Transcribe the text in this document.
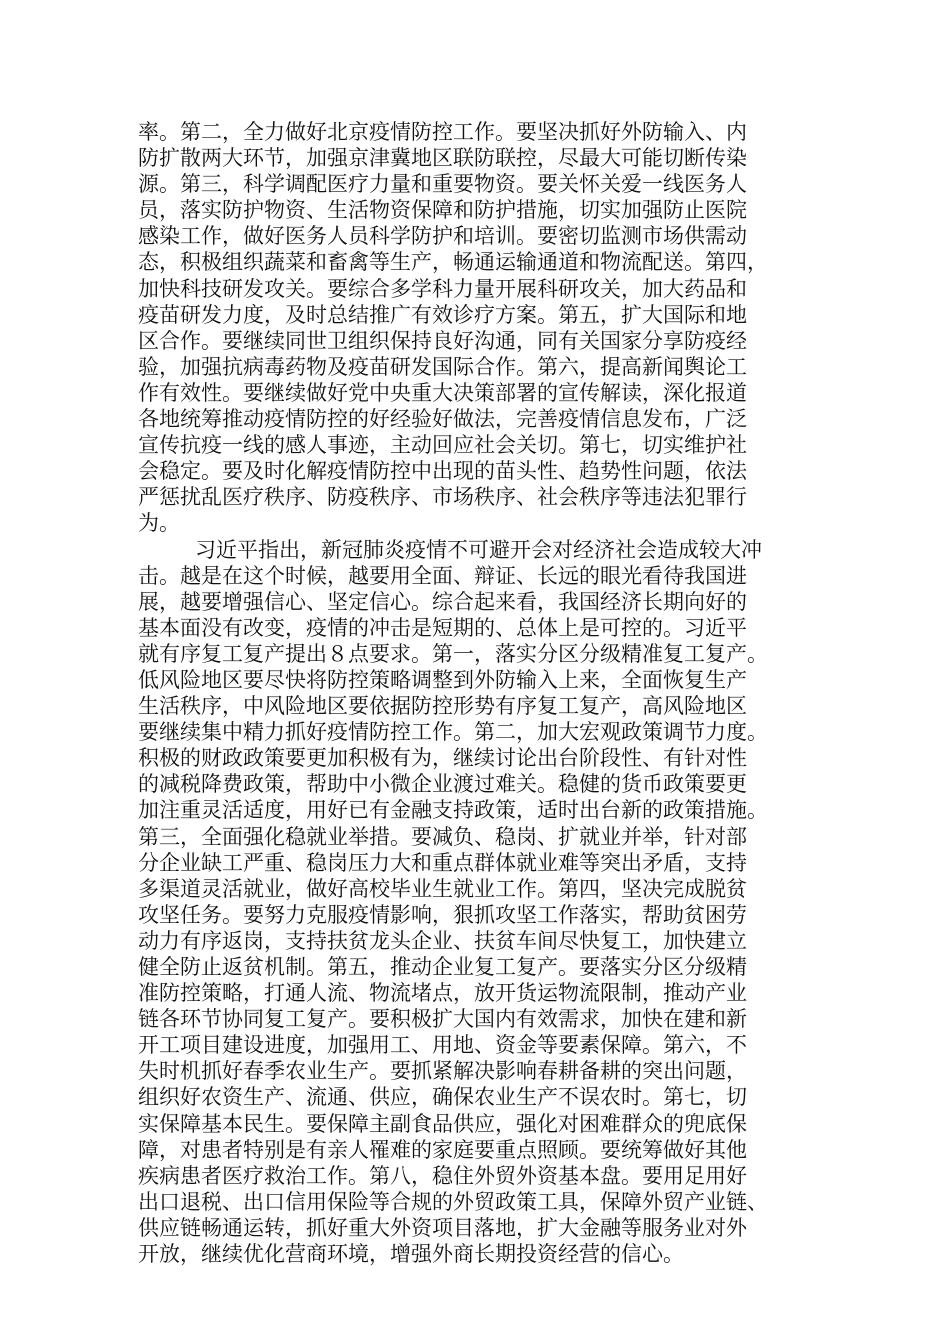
率。第二，全力做好北京疫情防控工作。要坚决抓好外防输入、内
防扩散两大环节，加强京津冀地区联防联控，尽最大可能切断传染
源。第三，科学调配医疗力量和重要物资。要关怀关爱一线医务人
员，落实防护物资、生活物资保障和防护措施，切实加强防止医院
感染工作，做好医务人员科学防护和培训。要密切监测市场供需动
态，积极组织蔬菜和畜禽等生产，畅通运输通道和物流配送。第四，
加快科技研发攻关。要综合多学科力量开展科研攻关，加大药品和
疫苗研发力度，及时总结推广有效诊疗方案。第五，扩大国际和地
区合作。要继续同世卫组织保持良好沟通，同有关国家分享防疫经
验，加强抗病毒药物及疫苗研发国际合作。第六，提高新闻舆论工
作有效性。要继续做好党中央重大决策部署的宣传解读，深化报道
各地统筹推动疫情防控的好经验好做法，完善疫情信息发布，广泛
宣传抗疫一线的感人事迹，主动回应社会关切。第七，切实维护社
会稳定。要及时化解疫情防控中出现的苗头性、趋势性问题，依法
严惩扰乱医疗秩序、防疫秩序、市场秩序、社会秩序等违法犯罪行
为。
习近平指出，新冠肺炎疫情不可避开会对经济社会造成较大冲
击。越是在这个时候，越要用全面、辩证、长远的眼光看待我国进
展，越要增强信心、坚定信心。综合起来看，我国经济长期向好的
基本面没有改变，疫情的冲击是短期的、总体上是可控的。习近平
就有序复工复产提出８点要求。第一，落实分区分级精准复工复产。
低风险地区要尽快将防控策略调整到外防输入上来，全面恢复生产
生活秩序，中风险地区要依据防控形势有序复工复产，高风险地区
要继续集中精力抓好疫情防控工作。第二，加大宏观政策调节力度。
积极的财政政策要更加积极有为，继续讨论出台阶段性、有针对性
的减税降费政策，帮助中小微企业渡过难关。稳健的货币政策要更
加注重灵活适度，用好已有金融支持政策，适时出台新的政策措施。
第三，全面强化稳就业举措。要减负、稳岗、扩就业并举，针对部
分企业缺工严重、稳岗压力大和重点群体就业难等突出矛盾，支持
多渠道灵活就业，做好高校毕业生就业工作。第四，坚决完成脱贫
攻坚任务。要努力克服疫情影响，狠抓攻坚工作落实，帮助贫困劳
动力有序返岗，支持扶贫龙头企业、扶贫车间尽快复工，加快建立
健全防止返贫机制。第五，推动企业复工复产。要落实分区分级精
准防控策略，打通人流、物流堵点，放开货运物流限制，推动产业
链各环节协同复工复产。要积极扩大国内有效需求，加快在建和新
开工项目建设进度，加强用工、用地、资金等要素保障。第六，不
失时机抓好春季农业生产。要抓紧解决影响春耕备耕的突出问题，
组织好农资生产、流通、供应，确保农业生产不误农时。第七，切
实保障基本民生。要保障主副食品供应，强化对困难群众的兜底保
障，对患者特别是有亲人罹难的家庭要重点照顾。要统筹做好其他
疾病患者医疗救治工作。第八，稳住外贸外资基本盘。要用足用好
出口退税、出口信用保险等合规的外贸政策工具，保障外贸产业链、
供应链畅通运转，抓好重大外资项目落地，扩大金融等服务业对外
开放，继续优化营商环境，增强外商长期投资经营的信心。
